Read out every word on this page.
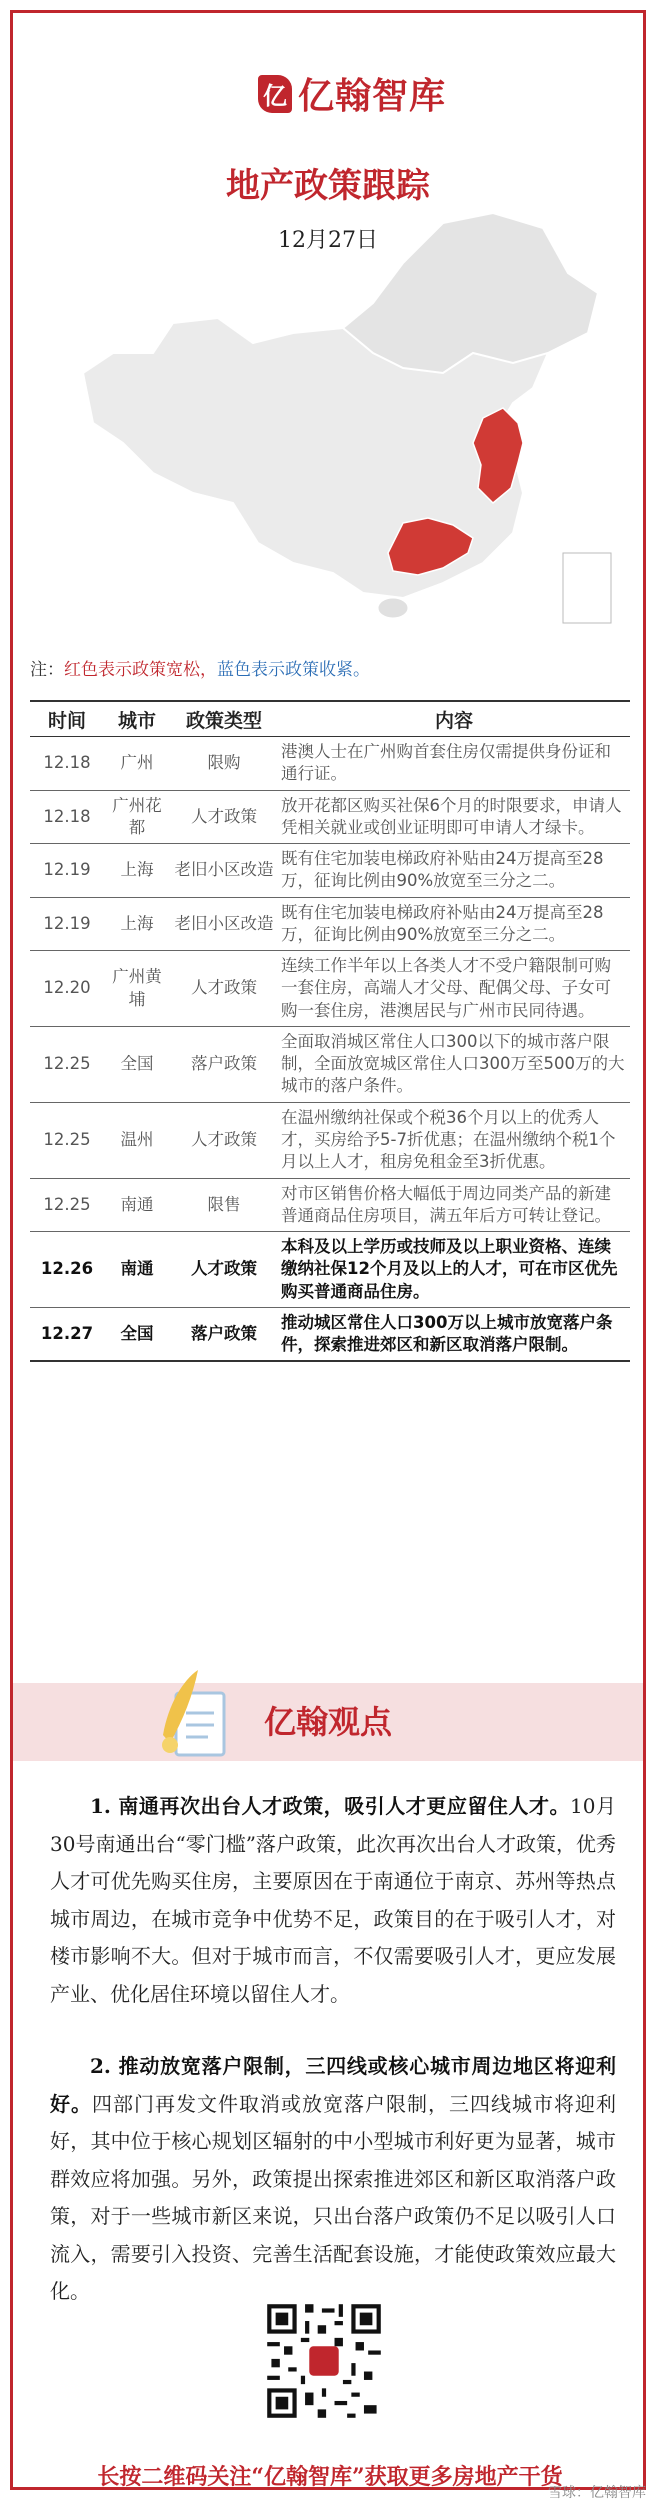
亿 亿翰智库
地产政策跟踪
12月27日
注：红色表示政策宽松，蓝色表示政策收紧。
时间	城市	政策类型	内容
12.18	广州	限购	港澳人士在广州购首套住房仅需提供身份证和通行证。
12.18	广州花都	人才政策	放开花都区购买社保6个月的时限要求，申请人凭相关就业或创业证明即可申请人才绿卡。
12.19	上海	老旧小区改造	既有住宅加装电梯政府补贴由24万提高至28万，征询比例由90%放宽至三分之二。
12.19	上海	老旧小区改造	既有住宅加装电梯政府补贴由24万提高至28万，征询比例由90%放宽至三分之二。
12.20	广州黄埔	人才政策	连续工作半年以上各类人才不受户籍限制可购一套住房，高端人才父母、配偶父母、子女可购一套住房，港澳居民与广州市民同待遇。
12.25	全国	落户政策	全面取消城区常住人口300以下的城市落户限制，全面放宽城区常住人口300万至500万的大城市的落户条件。
12.25	温州	人才政策	在温州缴纳社保或个税36个月以上的优秀人才，买房给予5-7折优惠；在温州缴纳个税1个月以上人才，租房免租金至3折优惠。
12.25	南通	限售	对市区销售价格大幅低于周边同类产品的新建普通商品住房项目，满五年后方可转让登记。
12.26	南通	人才政策	本科及以上学历或技师及以上职业资格、连续缴纳社保12个月及以上的人才，可在市区优先购买普通商品住房。
12.27	全国	落户政策	推动城区常住人口300万以上城市放宽落户条件，探索推进郊区和新区取消落户限制。
亿翰观点
1. 南通再次出台人才政策，吸引人才更应留住人才。10月30号南通出台“零门槛”落户政策，此次再次出台人才政策，优秀人才可优先购买住房，主要原因在于南通位于南京、苏州等热点城市周边，在城市竞争中优势不足，政策目的在于吸引人才，对楼市影响不大。但对于城市而言，不仅需要吸引人才，更应发展产业、优化居住环境以留住人才。
2. 推动放宽落户限制，三四线或核心城市周边地区将迎利好。四部门再发文件取消或放宽落户限制，三四线城市将迎利好，其中位于核心规划区辐射的中小型城市利好更为显著，城市群效应将加强。另外，政策提出探索推进郊区和新区取消落户政策，对于一些城市新区来说，只出台落户政策仍不足以吸引人口流入，需要引入投资、完善生活配套设施，才能使政策效应最大化。
长按二维码关注“亿翰智库”获取更多房地产干货
雪球：亿翰智库
